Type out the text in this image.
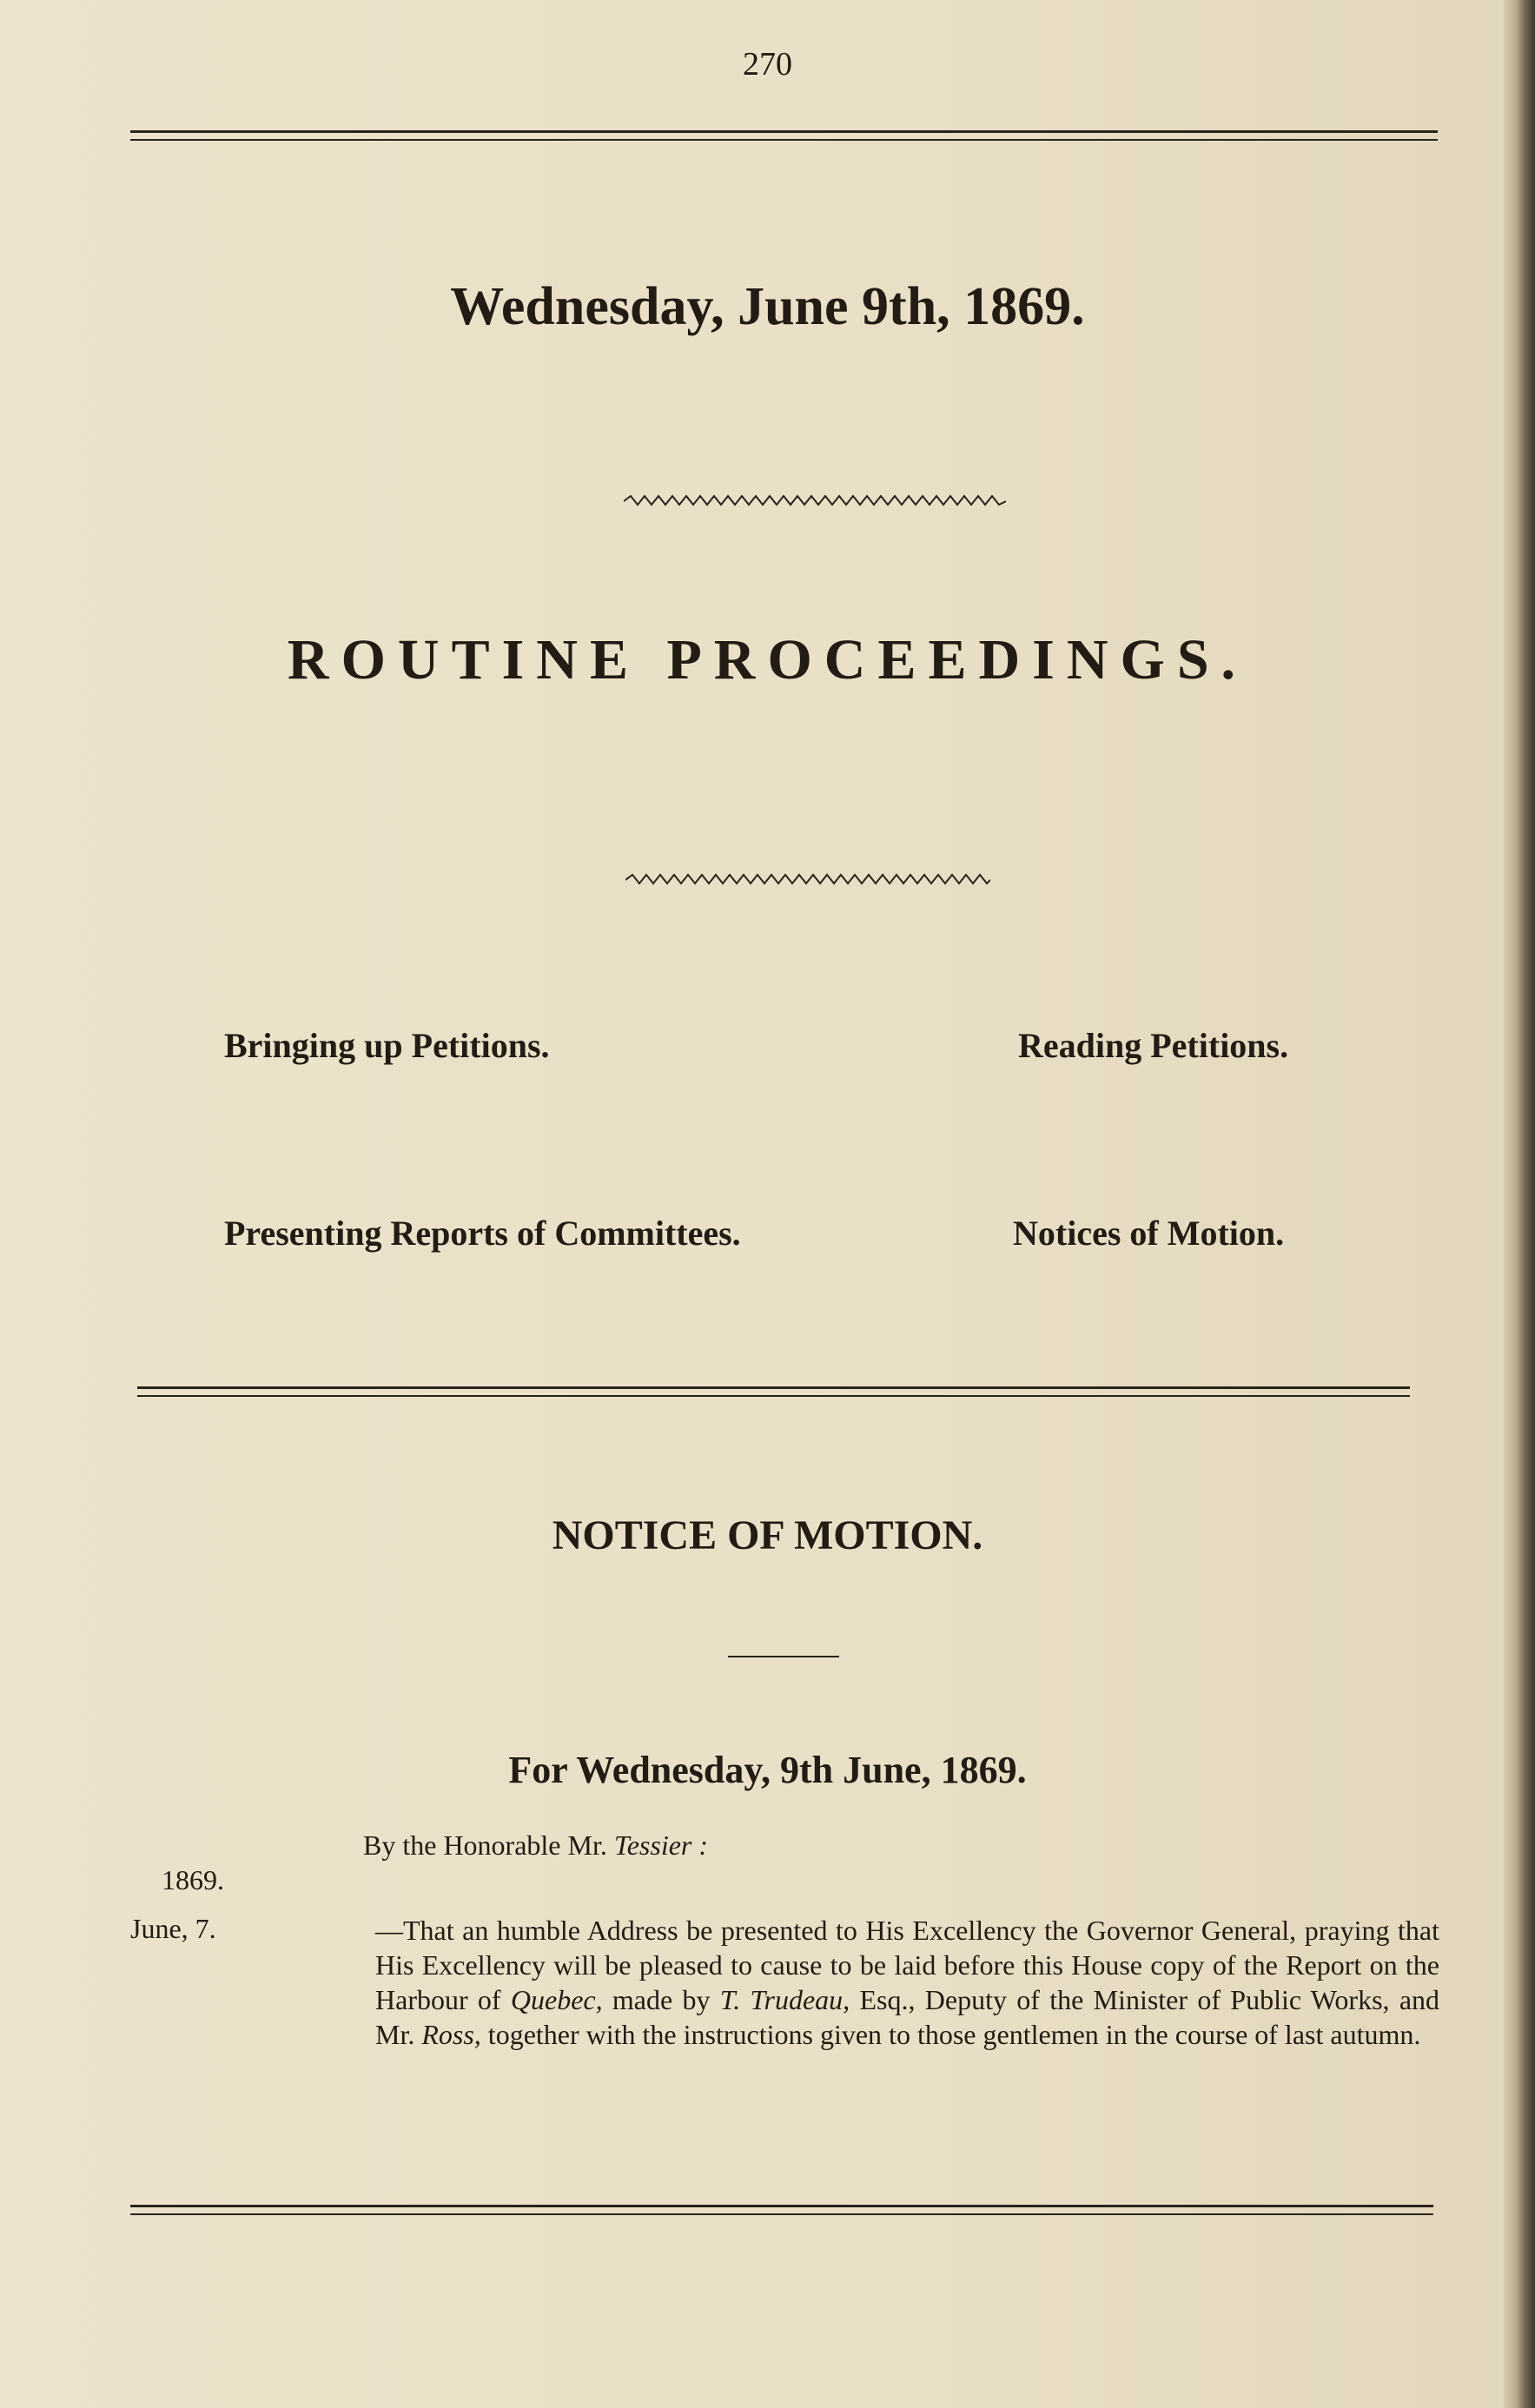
270
Wednesday, June 9th, 1869.
ROUTINE PROCEEDINGS.
Bringing up Petitions.	Reading Petitions.
Presenting Reports of Committees.	Notices of Motion.
NOTICE OF MOTION.
For Wednesday, 9th June, 1869.
By the Honorable Mr. Tessier :
1869.
June, 7.	—That an humble Address be presented to His Excellency the Governor General, praying that His Excellency will be pleased to cause to be laid before this House copy of the Report on the Harbour of Quebec, made by T. Trudeau, Esq., Deputy of the Minister of Public Works, and Mr. Ross, together with the instructions given to those gentlemen in the course of last autumn.
